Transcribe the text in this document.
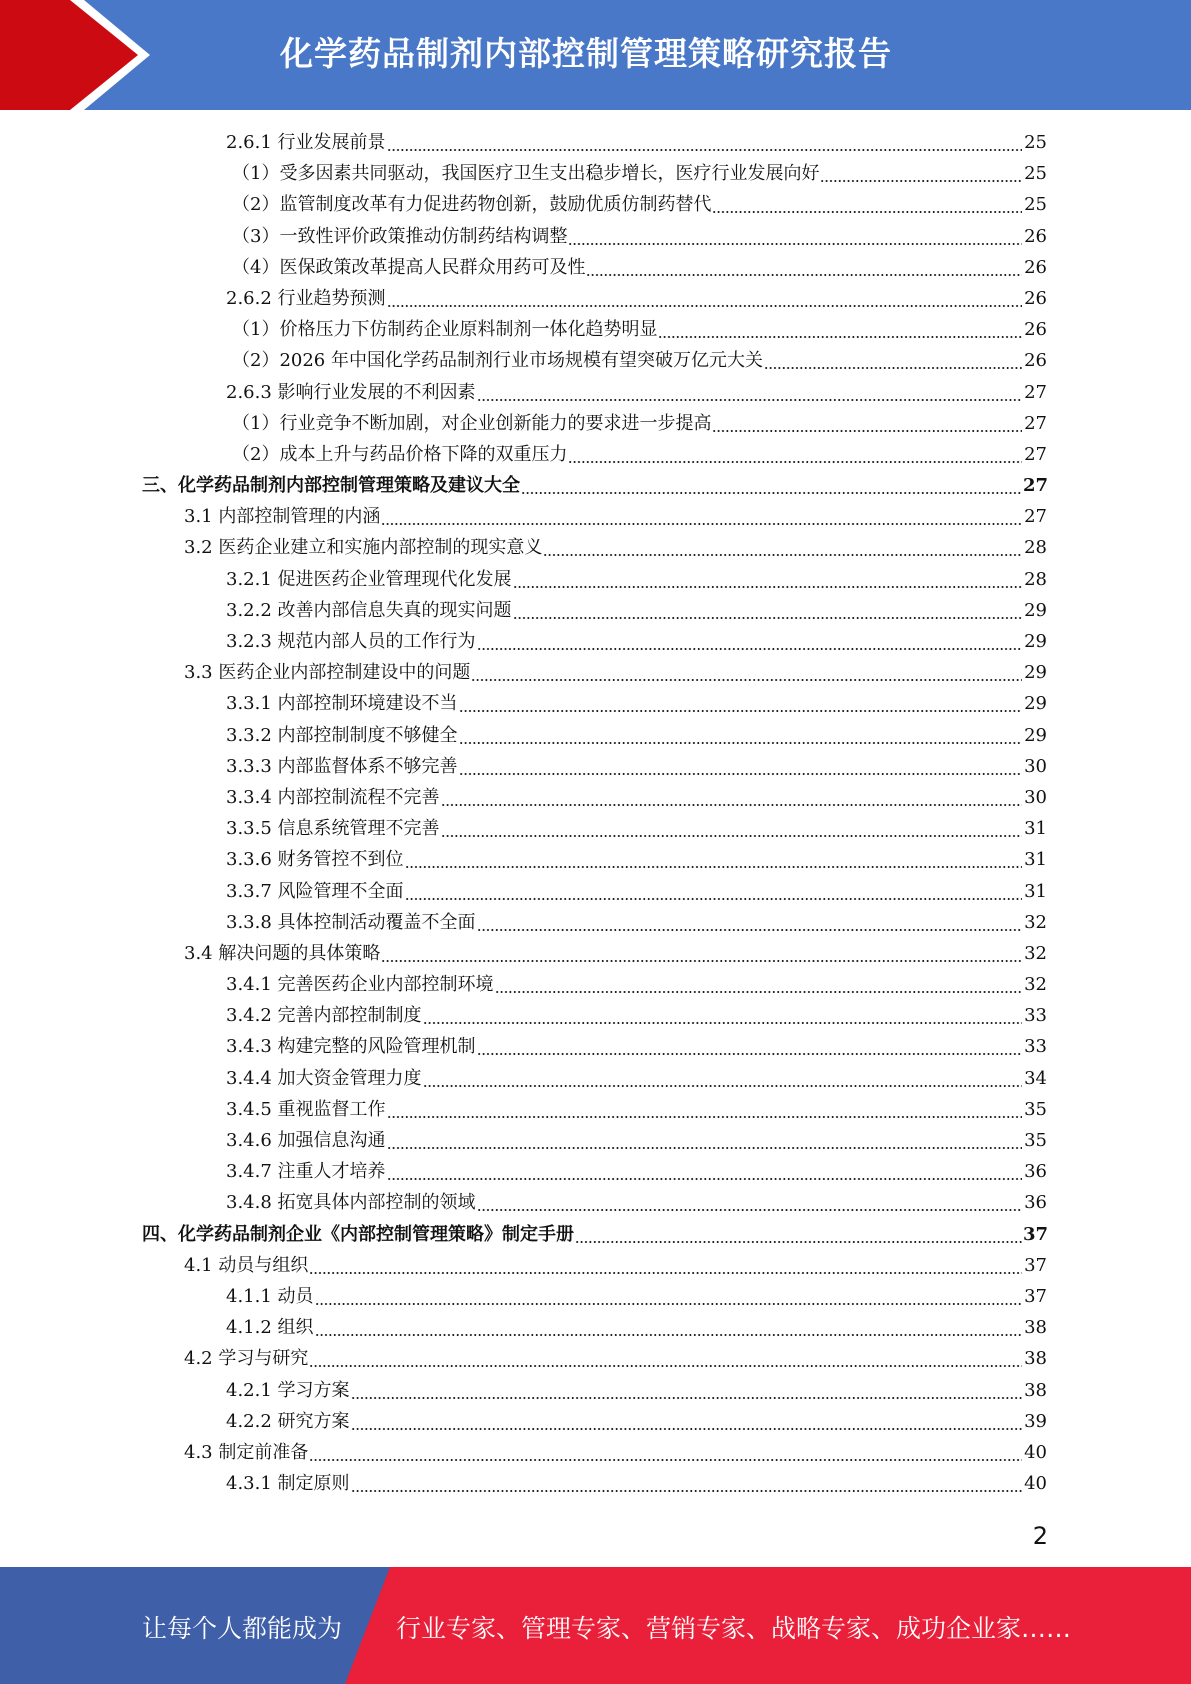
化学药品制剂内部控制管理策略研究报告
2.6.1 行业发展前景	25
（1）受多因素共同驱动，我国医疗卫生支出稳步增长，医疗行业发展向好	25
（2）监管制度改革有力促进药物创新，鼓励优质仿制药替代	25
（3）一致性评价政策推动仿制药结构调整	26
（4）医保政策改革提高人民群众用药可及性	26
2.6.2 行业趋势预测	26
（1）价格压力下仿制药企业原料制剂一体化趋势明显	26
（2）2026 年中国化学药品制剂行业市场规模有望突破万亿元大关	26
2.6.3 影响行业发展的不利因素	27
（1）行业竞争不断加剧，对企业创新能力的要求进一步提高	27
（2）成本上升与药品价格下降的双重压力	27
三、化学药品制剂内部控制管理策略及建议大全	27
3.1 内部控制管理的内涵	27
3.2 医药企业建立和实施内部控制的现实意义	28
3.2.1 促进医药企业管理现代化发展	28
3.2.2 改善内部信息失真的现实问题	29
3.2.3 规范内部人员的工作行为	29
3.3 医药企业内部控制建设中的问题	29
3.3.1 内部控制环境建设不当	29
3.3.2 内部控制制度不够健全	29
3.3.3 内部监督体系不够完善	30
3.3.4 内部控制流程不完善	30
3.3.5 信息系统管理不完善	31
3.3.6 财务管控不到位	31
3.3.7 风险管理不全面	31
3.3.8 具体控制活动覆盖不全面	32
3.4 解决问题的具体策略	32
3.4.1 完善医药企业内部控制环境	32
3.4.2 完善内部控制制度	33
3.4.3 构建完整的风险管理机制	33
3.4.4 加大资金管理力度	34
3.4.5 重视监督工作	35
3.4.6 加强信息沟通	35
3.4.7 注重人才培养	36
3.4.8 拓宽具体内部控制的领域	36
四、化学药品制剂企业《内部控制管理策略》制定手册	37
4.1 动员与组织	37
4.1.1 动员	37
4.1.2 组织	38
4.2 学习与研究	38
4.2.1 学习方案	38
4.2.2 研究方案	39
4.3 制定前准备	40
4.3.1 制定原则	40
2
让每个人都能成为 行业专家、管理专家、营销专家、战略专家、成功企业家……
